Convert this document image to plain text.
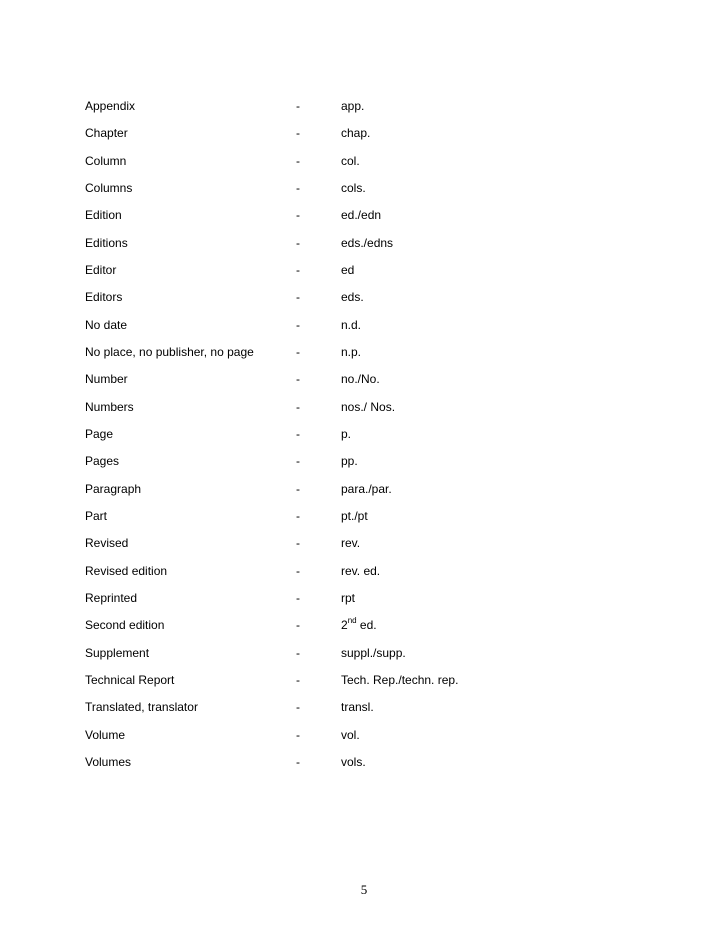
Appendix	-	app.
Chapter	-	chap.
Column	-	col.
Columns	-	cols.
Edition	-	ed./edn
Editions	-	eds./edns
Editor	-	ed
Editors	-	eds.
No date	-	n.d.
No place, no publisher, no page	-	n.p.
Number	-	no./No.
Numbers	-	nos./ Nos.
Page	-	p.
Pages	-	pp.
Paragraph	-	para./par.
Part	-	pt./pt
Revised	-	rev.
Revised edition	-	rev. ed.
Reprinted	-	rpt
Second edition	-	2nd ed.
Supplement	-	suppl./supp.
Technical Report	-	Tech. Rep./techn. rep.
Translated, translator	-	transl.
Volume	-	vol.
Volumes	-	vols.
5
